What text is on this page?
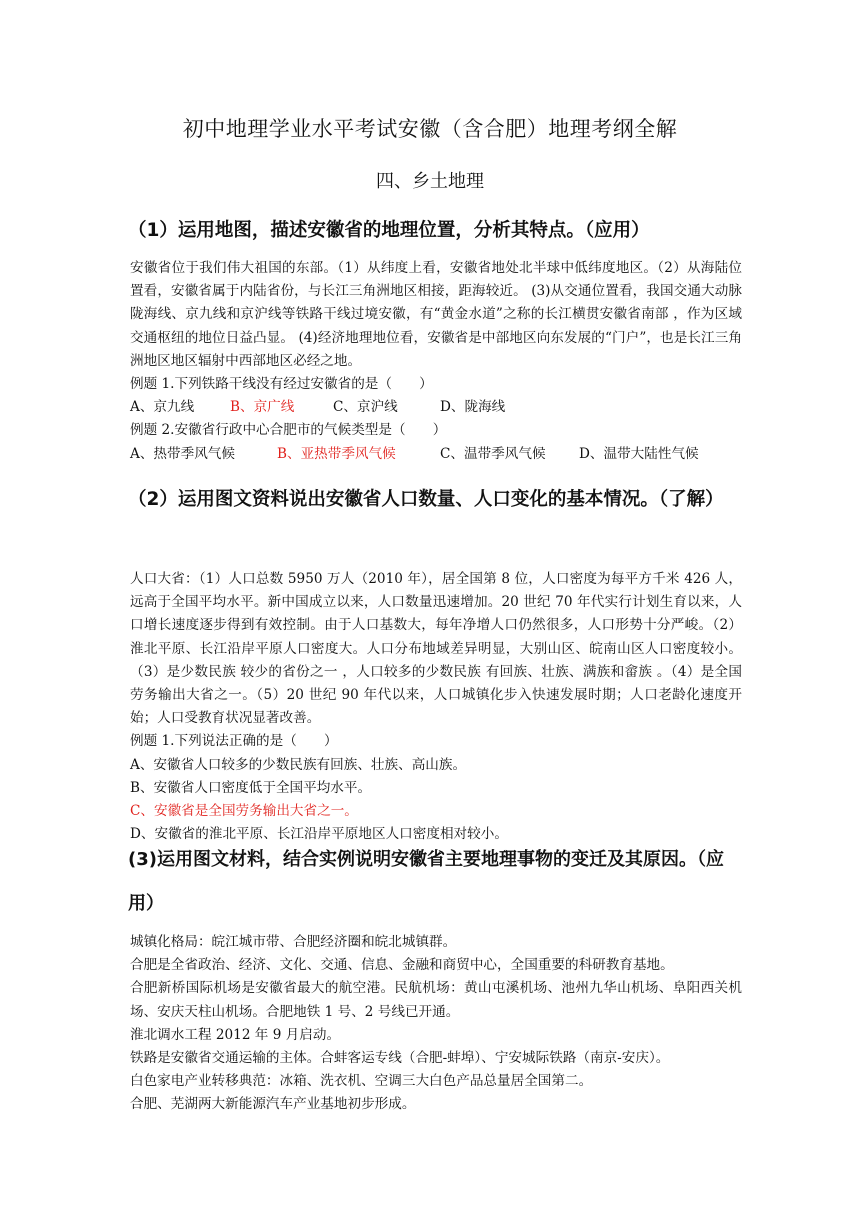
初中地理学业水平考试安徽（含合肥）地理考纲全解
四、乡土地理
（1）运用地图，描述安徽省的地理位置，分析其特点。（应用）

安徽省位于我们伟大祖国的东部。（1）从纬度上看，安徽省地处北半球中低纬度地区。（2）从海陆位置看，安徽省属于内陆省份，与长江三角洲地区相接，距海较近。 (3)从交通位置看，我国交通大动脉陇海线、京九线和京沪线等铁路干线过境安徽，有“黄金水道”之称的长江横贯安徽省南部 ，作为区域交通枢纽的地位日益凸显。 (4)经济地理地位看，安徽省是中部地区向东发展的“门户”，也是长江三角洲地区地区辐射中西部地区必经之地。

例题 1.下列铁路干线没有经过安徽省的是（　　）

A、京九线	B、京广线	C、京沪线	D、陇海线

例题 2.安徽省行政中心合肥市的气候类型是（　　）

A、热带季风气候	B、亚热带季风气候	C、温带季风气候 D、温带大陆性气候

（2）运用图文资料说出安徽省人口数量、人口变化的基本情况。（了解）

人口大省：（1）人口总数 5950 万人（2010 年），居全国第 8 位，人口密度为每平方千米 426 人，远高于全国平均水平。新中国成立以来，人口数量迅速增加。20 世纪 70 年代实行计划生育以来，人口增长速度逐步得到有效控制。由于人口基数大，每年净增人口仍然很多，人口形势十分严峻。（2）淮北平原、长江沿岸平原人口密度大。人口分布地域差异明显，大别山区、皖南山区人口密度较小。 （3）是少数民族 较少的省份之一 ，人口较多的少数民族 有回族、壮族、满族和畲族 。（4）是全国劳务输出大省之一。（5）20 世纪 90 年代以来，人口城镇化步入快速发展时期；人口老龄化速度开始；人口受教育状况显著改善。

例题 1.下列说法正确的是（　　）

A、安徽省人口较多的少数民族有回族、壮族、高山族。

B、安徽省人口密度低于全国平均水平。

C、安徽省是全国劳务输出大省之一。

D、安徽省的淮北平原、长江沿岸平原地区人口密度相对较小。

(3)运用图文材料，结合实例说明安徽省主要地理事物的变迁及其原因。（应用）

城镇化格局：皖江城市带、合肥经济圈和皖北城镇群。

合肥是全省政治、经济、文化、交通、信息、金融和商贸中心，全国重要的科研教育基地。

合肥新桥国际机场是安徽省最大的航空港。民航机场：黄山屯溪机场、池州九华山机场、阜阳西关机场、安庆天柱山机场。合肥地铁 1 号、2 号线已开通。

淮北调水工程 2012 年 9 月启动。

铁路是安徽省交通运输的主体。合蚌客运专线（合肥-蚌埠）、宁安城际铁路（南京-安庆）。

白色家电产业转移典范：冰箱、洗衣机、空调三大白色产品总量居全国第二。

合肥、芜湖两大新能源汽车产业基地初步形成。
